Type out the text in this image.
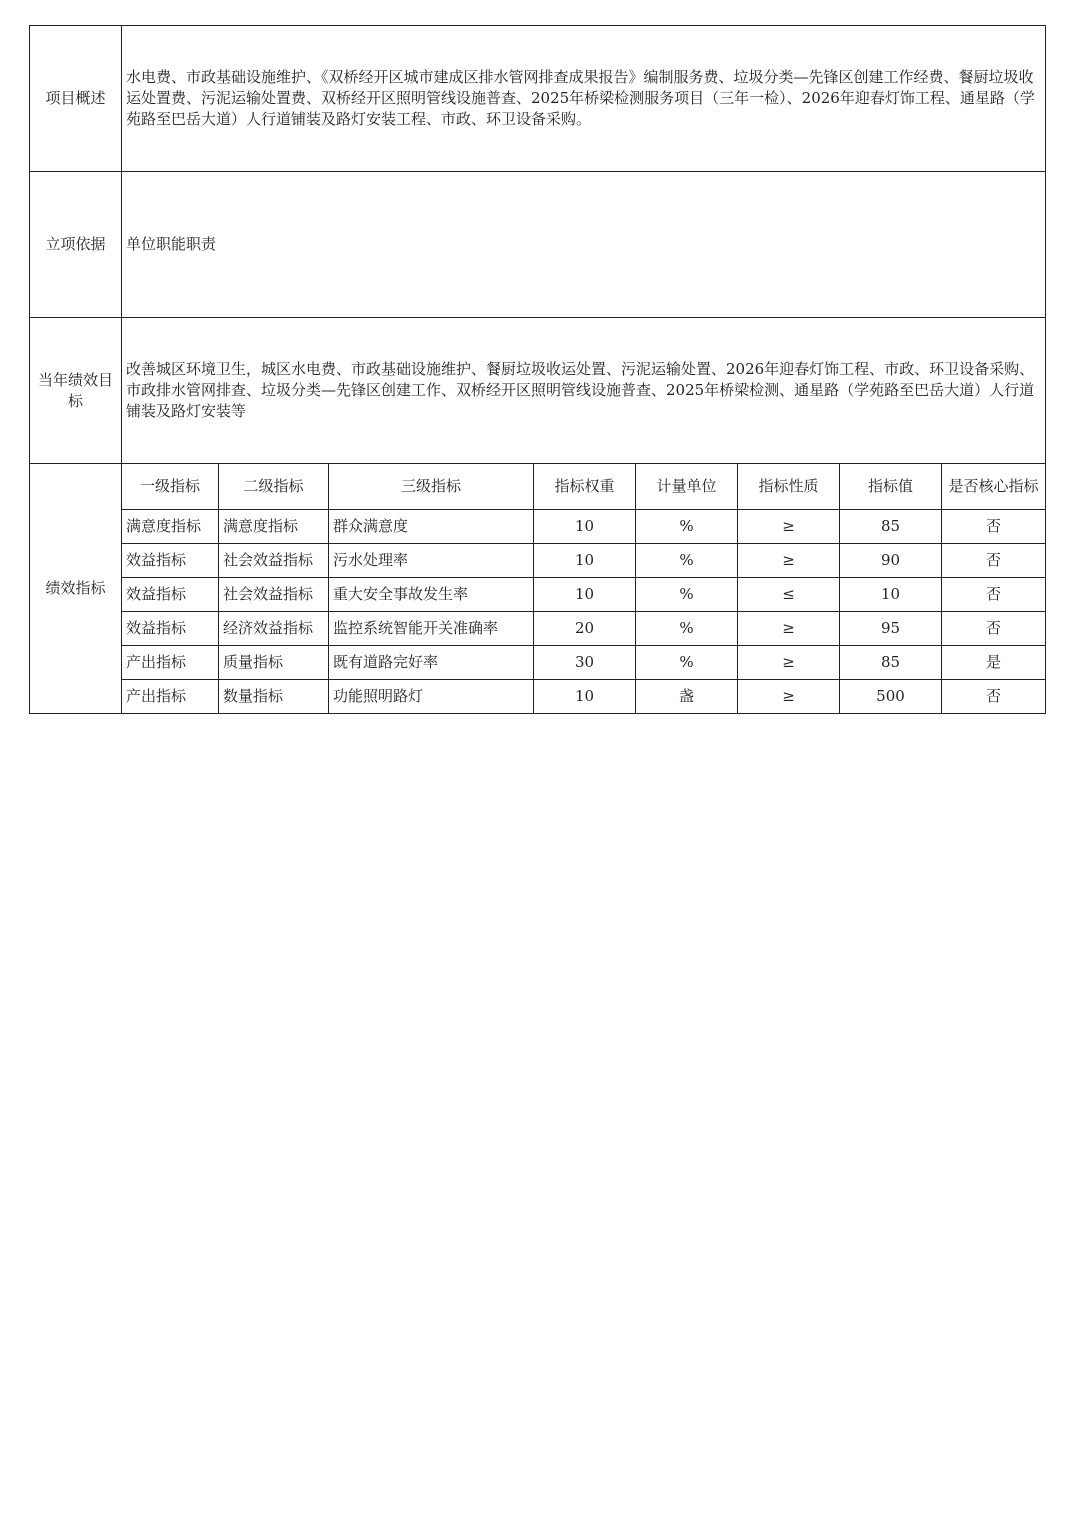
项目概述	水电费、市政基础设施维护、《双桥经开区城市建成区排水管网排查成果报告》编制服务费、垃圾分类—先锋区创建工作经费、餐厨垃圾收运处置费、污泥运输处置费、双桥经开区照明管线设施普查、2025年桥梁检测服务项目（三年一检）、2026年迎春灯饰工程、通星路（学苑路至巴岳大道）人行道铺装及路灯安装工程、市政、环卫设备采购。							
立项依据	单位职能职责							
当年绩效目标	改善城区环境卫生，城区水电费、市政基础设施维护、餐厨垃圾收运处置、污泥运输处置、2026年迎春灯饰工程、市政、环卫设备采购、市政排水管网排查、垃圾分类—先锋区创建工作、双桥经开区照明管线设施普查、2025年桥梁检测、通星路（学苑路至巴岳大道）人行道铺装及路灯安装等							
绩效指标	一级指标	二级指标	三级指标	指标权重	计量单位	指标性质	指标值	是否核心指标
	满意度指标	满意度指标	群众满意度	10	%	≥	85	否
	效益指标	社会效益指标	污水处理率	10	%	≥	90	否
	效益指标	社会效益指标	重大安全事故发生率	10	%	≤	10	否
	效益指标	经济效益指标	监控系统智能开关准确率	20	%	≥	95	否
	产出指标	质量指标	既有道路完好率	30	%	≥	85	是
	产出指标	数量指标	功能照明路灯	10	盏	≥	500	否
